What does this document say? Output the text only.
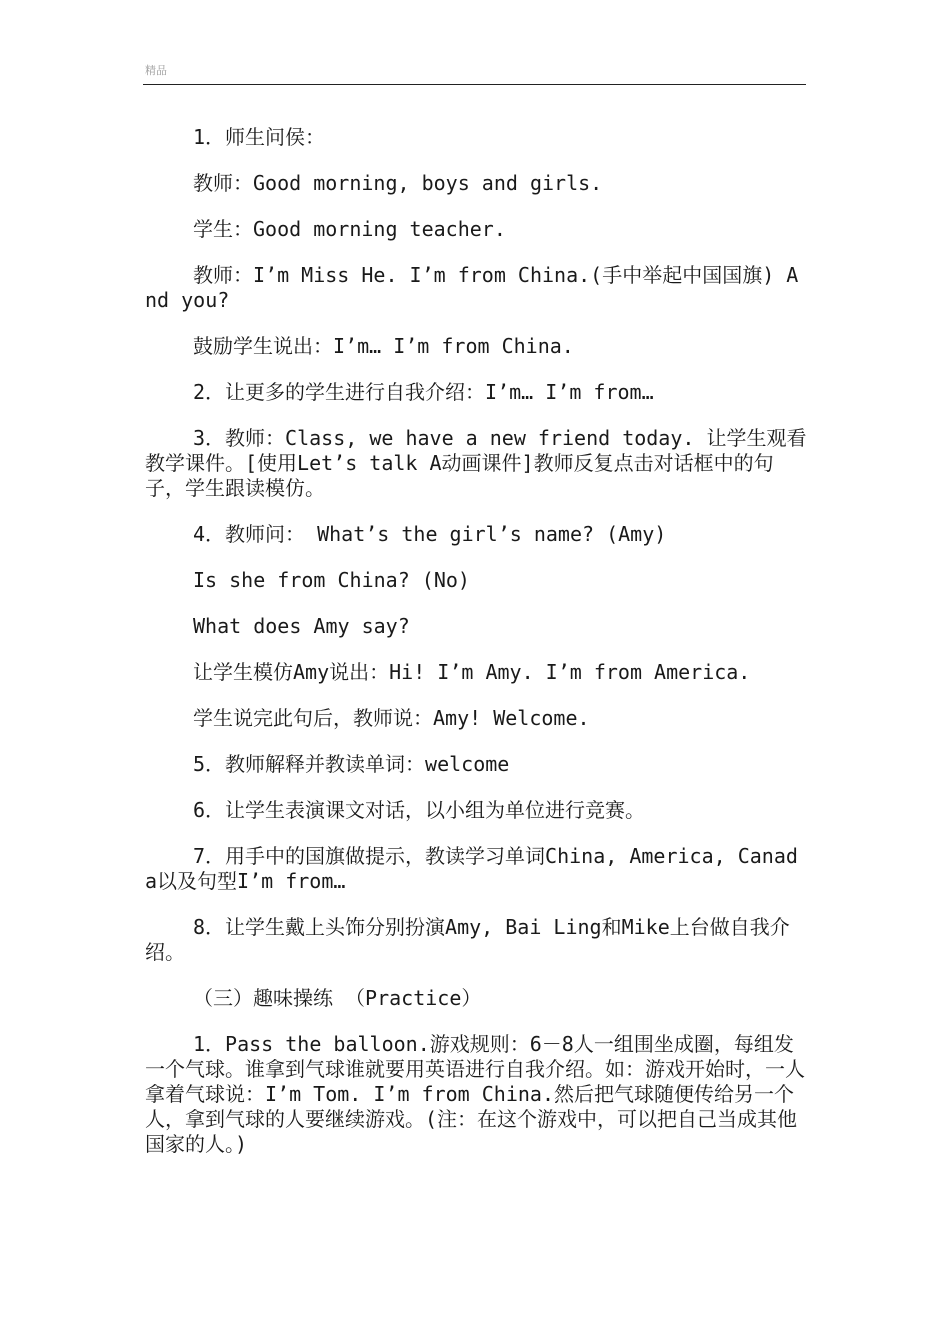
精品

1．师生问侯：

教师：Good morning, boys and girls.

学生：Good morning teacher.

教师：I’m Miss He. I’m from China.(手中举起中国国旗) And you?

鼓励学生说出：I’m… I’m from China.

2．让更多的学生进行自我介绍：I’m… I’m from…

3．教师：Class, we have a new friend today. 让学生观看教学课件。[使用Let’s talk A动画课件]教师反复点击对话框中的句子，学生跟读模仿。

4．教师问： What’s the girl’s name? (Amy)

Is she from China? (No)

What does Amy say?

让学生模仿Amy说出：Hi! I’m Amy. I’m from America.

学生说完此句后，教师说：Amy! Welcome.

5．教师解释并教读单词：welcome

6．让学生表演课文对话，以小组为单位进行竞赛。

7．用手中的国旗做提示，教读学习单词China, America, Canada以及句型I’m from…

8．让学生戴上头饰分别扮演Amy, Bai Ling和Mike上台做自我介绍。

（三）趣味操练 （Practice）

1．Pass the balloon.游戏规则：6－8人一组围坐成圈，每组发一个气球。谁拿到气球谁就要用英语进行自我介绍。如：游戏开始时，一人拿着气球说：I’m Tom. I’m from China.然后把气球随便传给另一个人，拿到气球的人要继续游戏。(注：在这个游戏中，可以把自己当成其他国家的人。)
